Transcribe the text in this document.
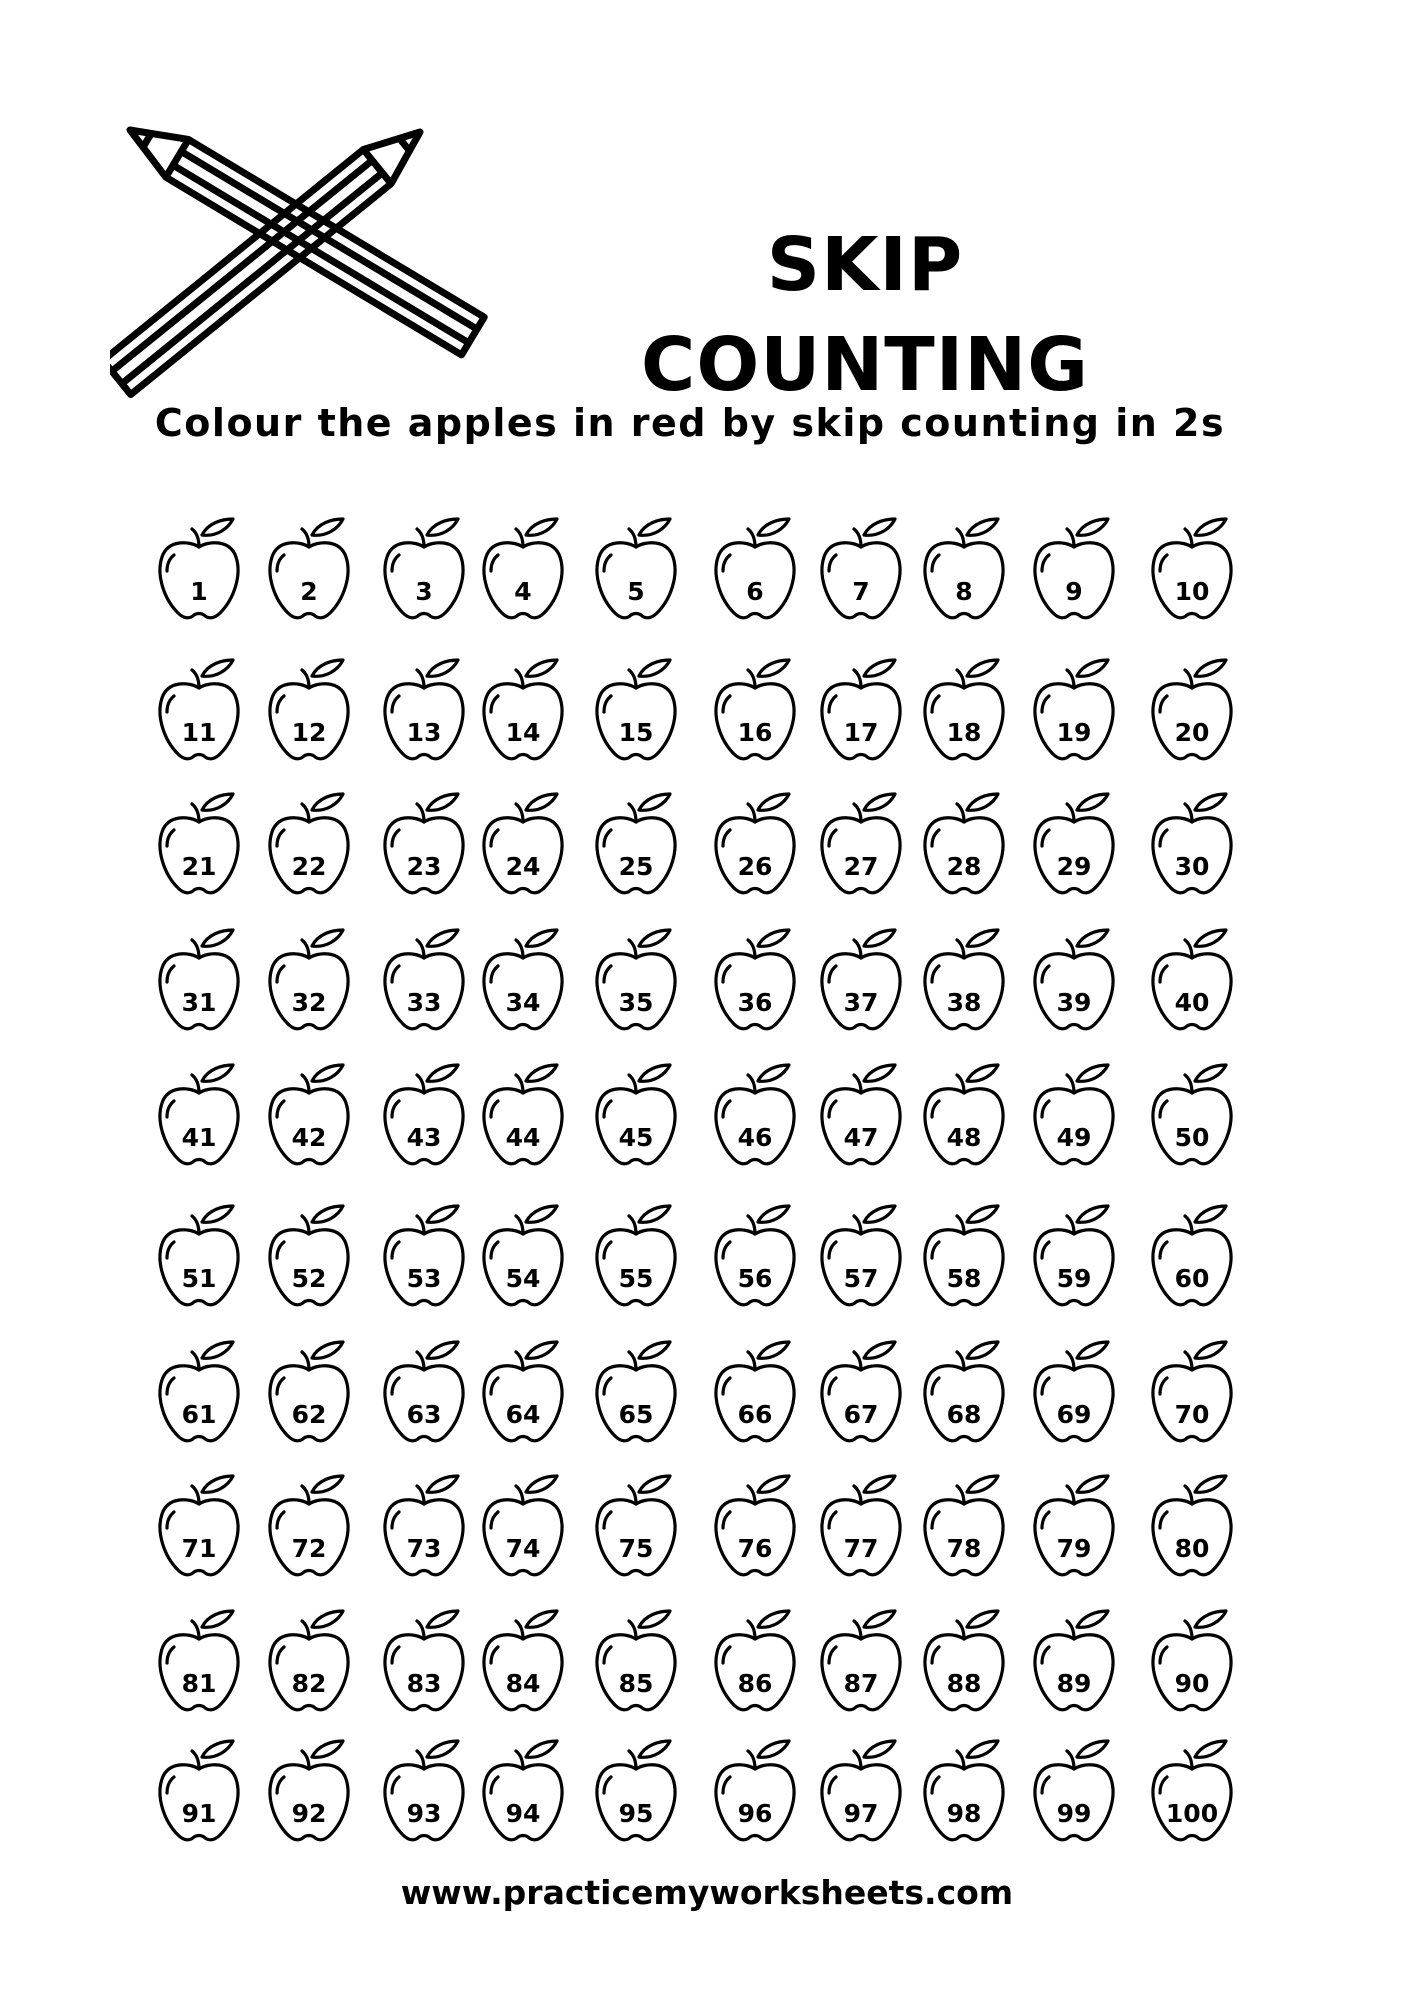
SKIP COUNTING
Colour the apples in red by skip counting in 2s
1	2	3	4	5	6	7	8	9	10
11	12	13	14	15	16	17	18	19	20
21	22	23	24	25	26	27	28	29	30
31	32	33	34	35	36	37	38	39	40
41	42	43	44	45	46	47	48	49	50
51	52	53	54	55	56	57	58	59	60
61	62	63	64	65	66	67	68	69	70
71	72	73	74	75	76	77	78	79	80
81	82	83	84	85	86	87	88	89	90
91	92	93	94	95	96	97	98	99	100
www.practicemyworksheets.com
